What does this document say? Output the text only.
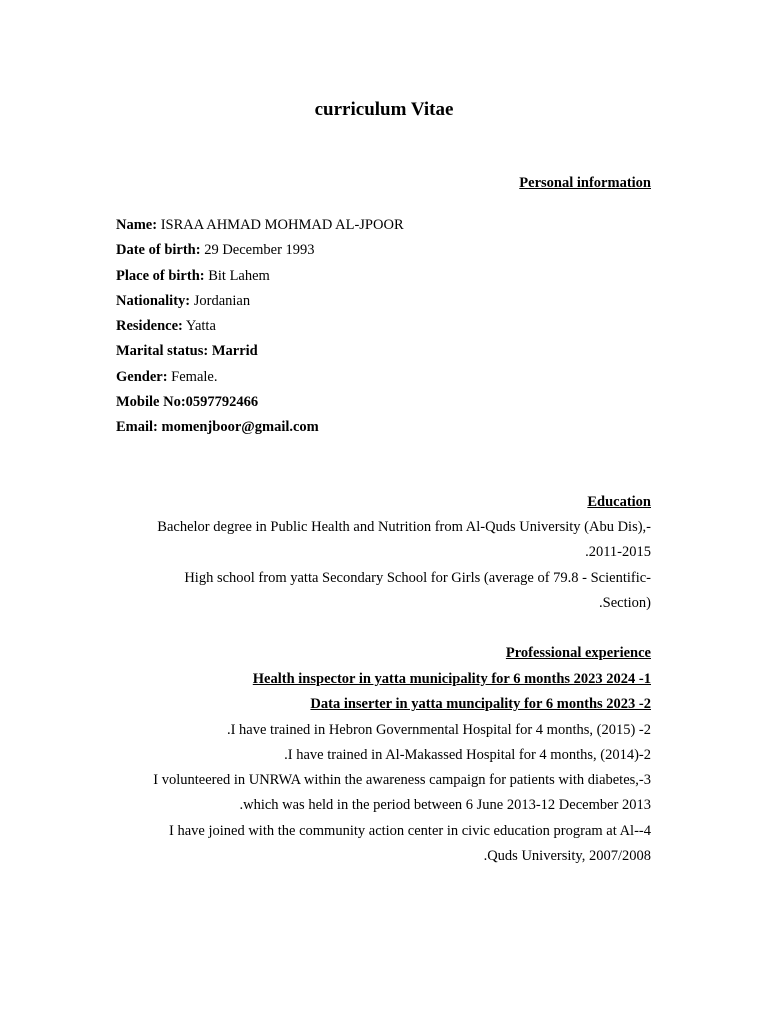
curriculum Vitae
Personal information
Name: ISRAA AHMAD MOHMAD AL-JPOOR
Date of birth: 29 December 1993
Place of birth: Bit Lahem
Nationality: Jordanian
Residence: Yatta
Marital status: Marrid
Gender: Female.
Mobile No:0597792466
Email: momenjboor@gmail.com
Education
Bachelor degree in Public Health and Nutrition from Al-Quds University (Abu Dis),-
.2011-2015
High school from yatta Secondary School for Girls (average of 79.8 - Scientific-
.Section)
Professional experience
Health inspector in yatta municipality for 6 months 2023 2024 -1
Data inserter in yatta muncipality for 6 months 2023 -2
.I have trained in Hebron Governmental Hospital for 4 months, (2015) -2
.I have trained in Al-Makassed Hospital for 4 months, (2014)-2
I volunteered in UNRWA within the awareness campaign for patients with diabetes,-3
.which was held in the period between 6 June 2013-12 December 2013
I have joined with the community action center in civic education program at Al--4
.Quds University, 2007/2008
